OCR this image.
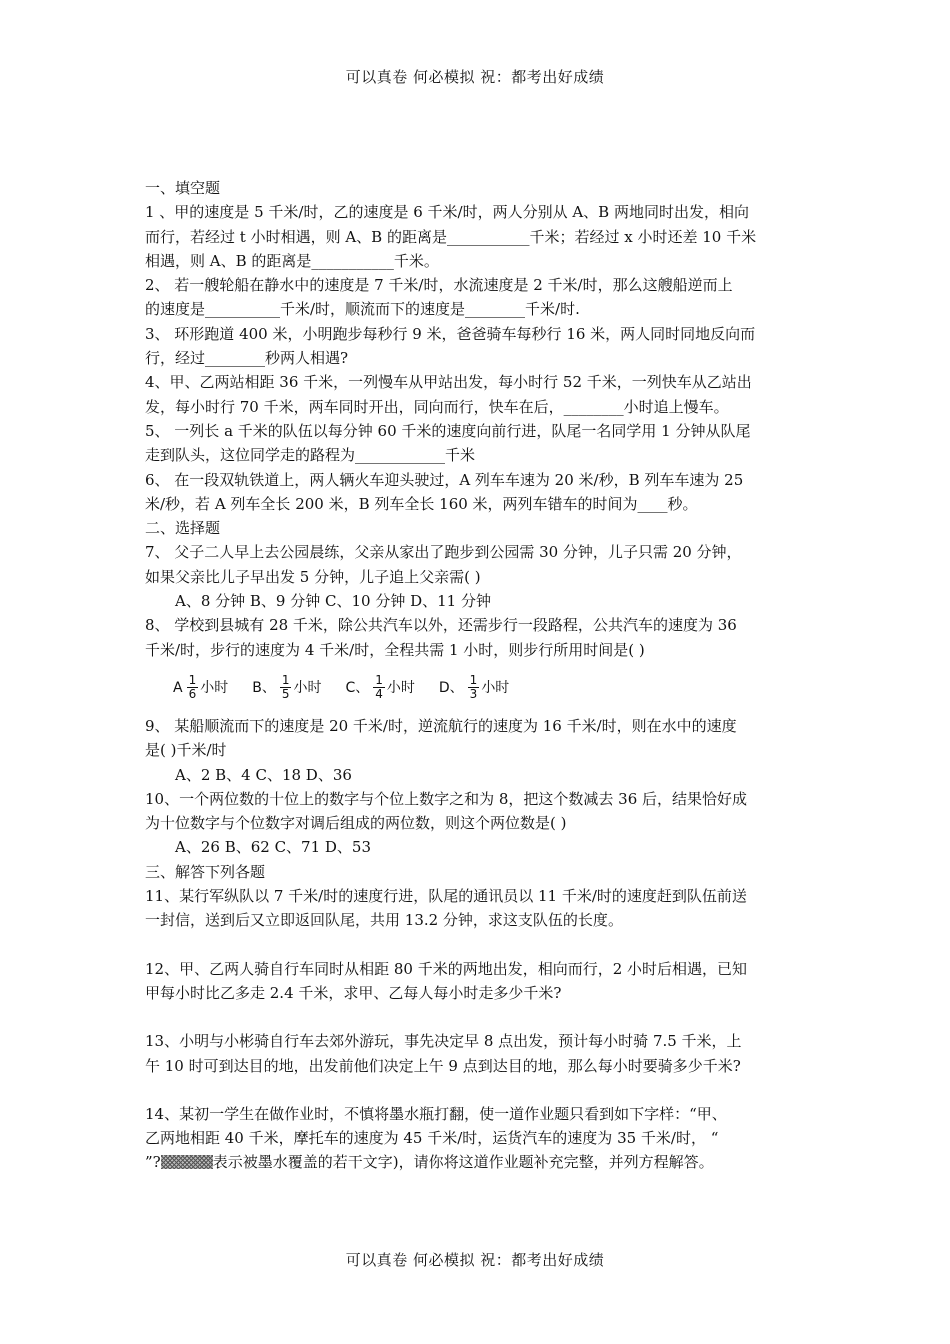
可以真卷 何必模拟 祝：都考出好成绩
一、填空题
1 、甲的速度是 5 千米/时，乙的速度是 6 千米/时，两人分别从 A、B 两地同时出发，相向
而行，若经过 t 小时相遇，则 A、B 的距离是___________千米；若经过 x 小时还差 10 千米
相遇，则 A、B 的距离是___________千米。
2、 若一艘轮船在静水中的速度是 7 千米/时，水流速度是 2 千米/时，那么这艘船逆而上
的速度是__________千米/时，顺流而下的速度是________千米/时.
3、 环形跑道 400 米，小明跑步每秒行 9 米，爸爸骑车每秒行 16 米，两人同时同地反向而
行，经过________秒两人相遇?
4、甲、乙两站相距 36 千米，一列慢车从甲站出发，每小时行 52 千米，一列快车从乙站出
发，每小时行 70 千米，两车同时开出，同向而行，快车在后，________小时追上慢车。
5、 一列长 a 千米的队伍以每分钟 60 千米的速度向前行进，队尾一名同学用 1 分钟从队尾
走到队头，这位同学走的路程为____________千米
6、 在一段双轨铁道上，两人辆火车迎头驶过，A 列车车速为 20 米/秒，B 列车车速为 25
米/秒，若 A 列车全长 200 米，B 列车全长 160 米，两列车错车的时间为____秒。
二、选择题
7、 父子二人早上去公园晨练，父亲从家出了跑步到公园需 30 分钟，儿子只需 20 分钟，
如果父亲比儿子早出发 5 分钟，儿子追上父亲需( )
A、8 分钟 B、9 分钟 C、10 分钟 D、11 分钟
8、 学校到县城有 28 千米，除公共汽车以外，还需步行一段路程，公共汽车的速度为 36
千米/时，步行的速度为 4 千米/时，全程共需 1 小时，则步行所用时间是( )
A $\frac{1}{6}$ 小时 B、 $\frac{1}{5}$ 小时 C、 $\frac{1}{4}$ 小时 D、 $\frac{1}{3}$ 小时
9、 某船顺流而下的速度是 20 千米/时，逆流航行的速度为 16 千米/时，则在水中的速度
是( )千米/时
A、2 B、4 C、18 D、36
10、一个两位数的十位上的数字与个位上数字之和为 8，把这个数减去 36 后，结果恰好成
为十位数字与个位数字对调后组成的两位数，则这个两位数是( )
A、26 B、62 C、71 D、53
三、解答下列各题
11、某行军纵队以 7 千米/时的速度行进，队尾的通讯员以 11 千米/时的速度赶到队伍前送
一封信，送到后又立即返回队尾，共用 13.2 分钟，求这支队伍的长度。
12、甲、乙两人骑自行车同时从相距 80 千米的两地出发，相向而行，2 小时后相遇，已知
甲每小时比乙多走 2.4 千米，求甲、乙每人每小时走多少千米?
13、小明与小彬骑自行车去郊外游玩，事先决定早 8 点出发，预计每小时骑 7.5 千米，上
午 10 时可到达目的地，出发前他们决定上午 9 点到达目的地，那么每小时要骑多少千米?
14、某初一学生在做作业时，不慎将墨水瓶打翻，使一道作业题只看到如下字样：“甲、
乙两地相距 40 千米，摩托车的速度为 45 千米/时，运货汽车的速度为 35 千米/时， “
”?	表示被墨水覆盖的若干文字)，请你将这道作业题补充完整，并列方程解答。
可以真卷 何必模拟 祝：都考出好成绩
